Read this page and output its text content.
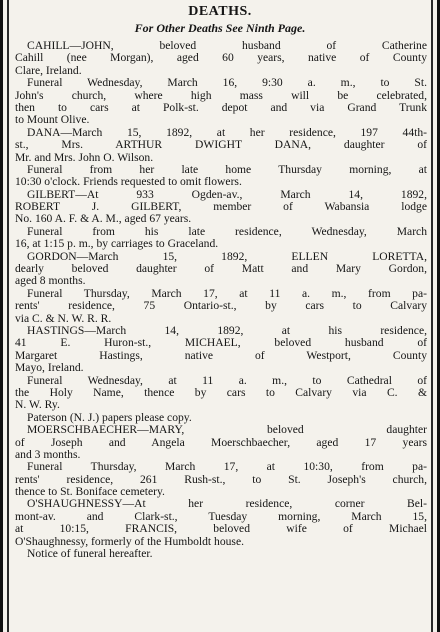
DEATHS.
For Other Deaths See Ninth Page.
CAHILL—JOHN, beloved husband of Catherine
Cahill (nee Morgan), aged 60 years, native of County
Clare, Ireland.
Funeral Wednesday, March 16, 9:30 a. m., to St.
John's church, where high mass will be celebrated,
then to cars at Polk-st. depot and via Grand Trunk
to Mount Olive.
DANA—March 15, 1892, at her residence, 197 44th-
st., Mrs. ARTHUR DWIGHT DANA, daughter of
Mr. and Mrs. John O. Wilson.
Funeral from her late home Thursday morning, at
10:30 o'clock. Friends requested to omit flowers.
GILBERT—At 933 Ogden-av., March 14, 1892,
ROBERT J. GILBERT, member of Wabansia lodge
No. 160 A. F. & A. M., aged 67 years.
Funeral from his late residence, Wednesday, March
16, at 1:15 p. m., by carriages to Graceland.
GORDON—March 15, 1892, ELLEN LORETTA,
dearly beloved daughter of Matt and Mary Gordon,
aged 8 months.
Funeral Thursday, March 17, at 11 a. m., from pa-
rents' residence, 75 Ontario-st., by cars to Calvary
via C. & N. W. R. R.
HASTINGS—March 14, 1892, at his residence,
41 E. Huron-st., MICHAEL, beloved husband of
Margaret Hastings, native of Westport, County
Mayo, Ireland.
Funeral Wednesday, at 11 a. m., to Cathedral of
the Holy Name, thence by cars to Calvary via C. &
N. W. Ry.
Paterson (N. J.) papers please copy.
MOERSCHBAECHER—MARY, beloved daughter
of Joseph and Angela Moerschbaecher, aged 17 years
and 3 months.
Funeral Thursday, March 17, at 10:30, from pa-
rents' residence, 261 Rush-st., to St. Joseph's church,
thence to St. Boniface cemetery.
O'SHAUGHNESSY—At her residence, corner Bel-
mont-av. and Clark-st., Tuesday morning, March 15,
at 10:15, FRANCIS, beloved wife of Michael
O'Shaughnessy, formerly of the Humboldt house.
Notice of funeral hereafter.
